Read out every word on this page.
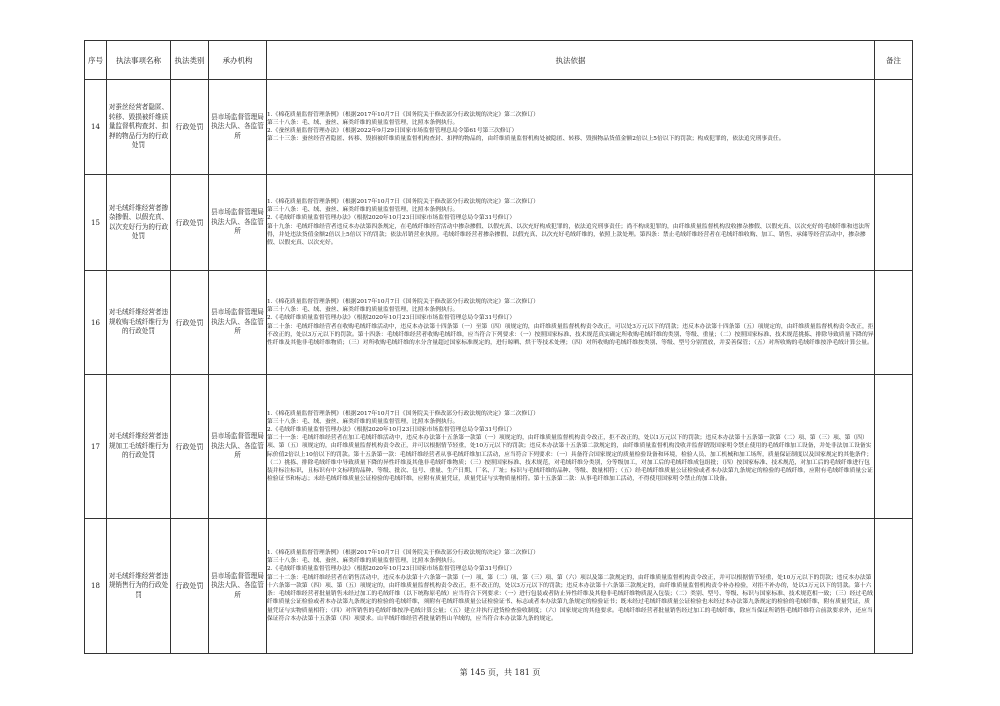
序号	执法事项名称	执法类别	承办机构	执法依据	备注
14	对蚕丝经营者隐匿、转移、毁损被纤维质量监督机构查封、扣押的物品行为的行政处罚	行政处罚	县市场监督管理局执法大队、各监管所	1.《棉花质量监督管理条例》（根据2017年10月7日《国务院关于修改部分行政法规的决定》第二次修订）
第三十八条：毛、绒、蚕丝、麻类纤维的质量监督管理，比照本条例执行。
2.《蚕丝质量监督管理办法》（根据2022年9月29日国家市场监督管理总局令第61号第三次修订）
第二十三条：蚕丝经营者隐匿、转移、毁损被纤维质量监督机构查封、扣押的物品的，由纤维质量监督机构处被隐匿、转移、毁损物品货值金额2倍以上5倍以下的罚款；构成犯罪的，依法追究刑事责任。	

15	对毛绒纤维经营者掺杂掺假、以假充真、以次充好行为的行政处罚	行政处罚	县市场监督管理局执法大队、各监管所	1.《棉花质量监督管理条例》（根据2017年10月7日《国务院关于修改部分行政法规的决定》第二次修订）
第三十八条：毛、绒、蚕丝、麻类纤维的质量监督管理，比照本条例执行。
2.《毛绒纤维质量监督管理办法》（根据2020年10月23日国家市场监督管理总局令第31号修订）
第十九条：毛绒纤维经营者违反本办法第四条规定，在毛绒纤维经营活动中掺杂掺假、以假充真、以次充好构成犯罪的，依法追究刑事责任；尚不构成犯罪的，由纤维质量监督机构没收掺杂掺假、以假充真、以次充好的毛绒纤维和违法所得，并处违法货值金额2倍以上5倍以下的罚款；依法吊销营业执照。毛绒纤维经营者掺杂掺假、以假充真、以次充好毛绒纤维的，依照上款处理。第四条：禁止毛绒纤维经营者在毛绒纤维收购、加工、销售、承储等经营活动中，掺杂掺假、以假充真、以次充好。	

16	对毛绒纤维经营者违规收购毛绒纤维行为的行政处罚	行政处罚	县市场监督管理局执法大队、各监管所	1.《棉花质量监督管理条例》（根据2017年10月7日《国务院关于修改部分行政法规的决定》第二次修订）
第三十八条：毛、绒、蚕丝、麻类纤维的质量监督管理，比照本条例执行。
2.《毛绒纤维质量监督管理办法》（根据2020年10月23日国家市场监督管理总局令第31号修订）
第二十条：毛绒纤维经营者在收购毛绒纤维活动中，违反本办法第十四条第（一）至第（四）项规定的，由纤维质量监督机构责令改正，可以处3万元以下的罚款；违反本办法第十四条第（五）项规定的，由纤维质量监督机构责令改正，拒不改正的，处以3万元以下的罚款。第十四条：毛绒纤维经营者收购毛绒纤维，应当符合下列要求：（一）按照国家标准、技术规范真实确定所收购毛绒纤维的类别、等级、重量；（二）按照国家标准、技术规范挑拣、排除导致质量下降的异性纤维及其他非毛绒纤维物质；（三）对所收购毛绒纤维的水分含量超过国家标准规定的，进行晾晒、烘干等技术处理；（四）对所收购的毛绒纤维按类别、等级、型号分别置放，并妥善保管；（五）对所收购的毛绒纤维按净毛绒计算公量。	

17	对毛绒纤维经营者违规加工毛绒纤维行为的行政处罚	行政处罚	县市场监督管理局执法大队、各监管所	1.《棉花质量监督管理条例》（根据2017年10月7日《国务院关于修改部分行政法规的决定》第二次修订）
第三十八条：毛、绒、蚕丝、麻类纤维的质量监督管理，比照本条例执行。
2.《毛绒纤维质量监督管理办法》（根据2020年10月23日国家市场监督管理总局令第31号修订）
第二十一条：毛绒纤维经营者在加工毛绒纤维活动中，违反本办法第十五条第一款第（一）项规定的，由纤维质量监督机构责令改正，拒不改正的，处以1万元以下的罚款；违反本办法第十五条第一款第（二）项、第（三）项、第（四）项、第（五）项规定的，由纤维质量监督机构责令改正，并可以根据情节轻重，处10万元以下的罚款；违反本办法第十五条第二款规定的，由纤维质量监督机构没收并监督销毁国家明令禁止使用的毛绒纤维加工设备，并处非法加工设备实际价值2倍以上10倍以下的罚款。第十五条第一款：毛绒纤维经营者从事毛绒纤维加工活动，应当符合下列要求：（一）具备符合国家规定的质量检验设备和环境，检验人员、加工机械和加工场所，质量保证制度以及国家规定的其他条件；（二）挑拣、排除毛绒纤维中导致质量下降的异性纤维及其他非毛绒纤维物质；（三）按照国家标准、技术规范，对毛绒纤维分类别，分等级加工，对加工后的毛绒纤维成包组批；（四）按国家标准、技术规范，对加工后的毛绒纤维进行包装并标注标识，且标识有中文标明的品种、等级、批次、包号、重量、生产日期、厂名、厂址；标识与毛绒纤维的品种、等级、数量相符；（五）经毛绒纤维质量公证检验或者本办法第九条规定的检验的毛绒纤维，应附有毛绒纤维质量公证检验证书和标志；未经毛绒纤维质量公证检验的毛绒纤维，应附有质量凭证，质量凭证与实物质量相符。第十五条第二款：从事毛纤维加工活动，不得使用国家明令禁止的加工设备。	

18	对毛绒纤维经营者违规销售行为的行政处罚	行政处罚	县市场监督管理局执法大队、各监管所	1.《棉花质量监督管理条例》（根据2017年10月7日《国务院关于修改部分行政法规的决定》第二次修订）
第三十八条：毛、绒、蚕丝、麻类纤维的质量监督管理，比照本条例执行。
2.《毛绒纤维质量监督管理办法》（根据2020年10月23日国家市场监督管理总局令第31号修订）
第二十二条：毛绒纤维经营者在销售活动中，违反本办法第十六条第一款第（一）项、第（二）项、第（三）项、第（六）项以及第二款规定的，由纤维质量监督机构责令改正，并可以根据情节轻重，处10万元以下的罚款；违反本办法第十六条第一款第（四）项、第（五）项规定的，由纤维质量监督机构责令改正，拒不改正的，处以3万元以下的罚款；违反本办法第十六条第三款规定的，由纤维质量监督机构责令补办检验，对拒不补办的，处以3万元以下的罚款。第十六条：毛绒纤维经营者批量销售未经过加工的毛绒纤维（以下统称原毛绒）应当符合下列要求：（一）进行包装或者防止异性纤维及其他非毛绒纤维物质混入包装；（二）类别、型号、等级、标识与国家标准、技术规范相一致；（三）经过毛绒纤维质量公证检验或者本办法第九条规定的检验的毛绒纤维，须附有毛绒纤维质量公证检验证书、标志或者本办法第九条规定的检验证书；既未经过毛绒纤维质量公证检验也未经过本办法第九条规定的检验的毛绒纤维，附有质量凭证，质量凭证与实物质量相符；（四）对所销售的毛绒纤维按净毛绒计算公量；（五）建立并执行进货检查验收制度；（六）国家规定的其他要求。毛绒纤维经营者批量销售经过加工的毛绒纤维，除应当保证所销售毛绒纤维符合前款要求外，还应当保证符合本办法第十五条第（四）项要求。山羊绒纤维经营者批量销售山羊绒的，应当符合本办法第九条的规定。	

第 145 页，共 181 页
